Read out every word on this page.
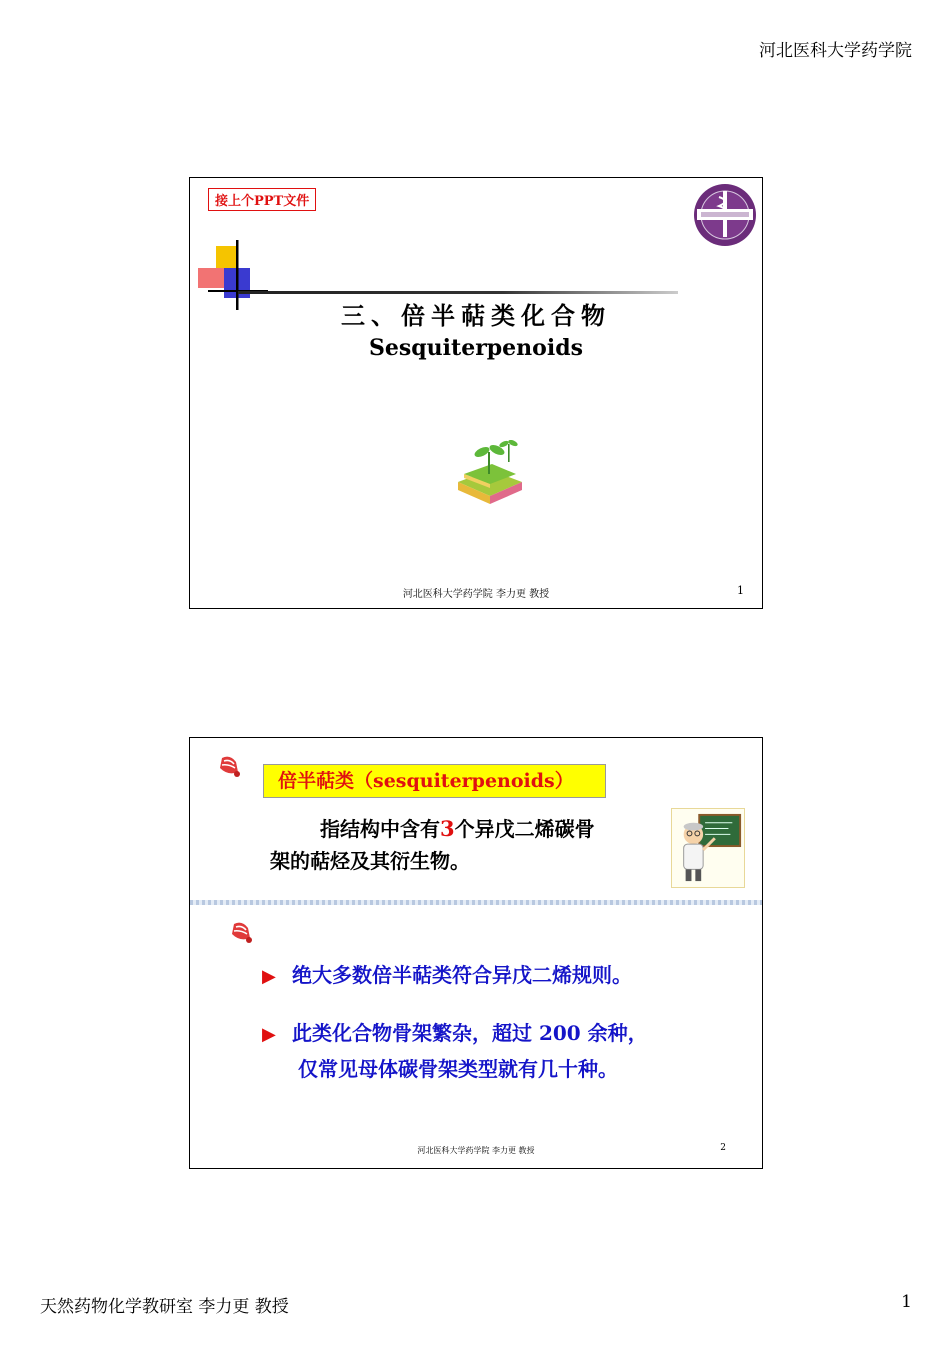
河北医科大学药学院
接上个PPT文件
三、倍半萜类化合物
Sesquiterpenoids
河北医科大学药学院 李力更 教授	1
倍半萜类（sesquiterpenoids）
指结构中含有3个异戊二烯碳骨
架的萜烃及其衍生物。
▶ 绝大多数倍半萜类符合异戊二烯规则。
▶ 此类化合物骨架繁杂，超过 200 余种，
仅常见母体碳骨架类型就有几十种。
河北医科大学药学院 李力更 教授	2
天然药物化学教研室 李力更 教授	1
